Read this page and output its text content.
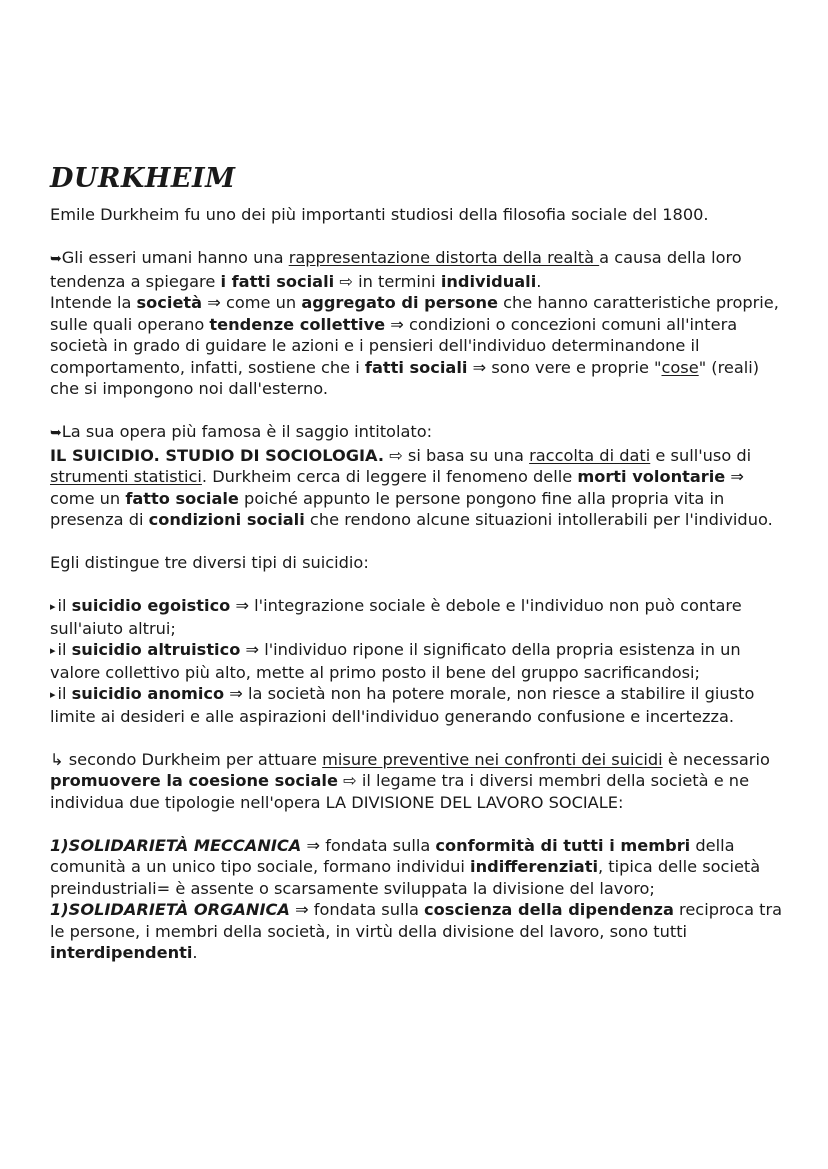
DURKHEIM

Emile Durkheim fu uno dei più importanti studiosi della filosofia sociale del 1800.

➥Gli esseri umani hanno una rappresentazione distorta della realtà a causa della loro tendenza a spiegare i fatti sociali ⇨ in termini individuali.
Intende la società ⇒ come un aggregato di persone che hanno caratteristiche proprie, sulle quali operano tendenze collettive ⇒ condizioni o concezioni comuni all'intera società in grado di guidare le azioni e i pensieri dell'individuo determinandone il comportamento, infatti, sostiene che i fatti sociali ⇒ sono vere e proprie "cose" (reali) che si impongono noi dall'esterno.

➥La sua opera più famosa è il saggio intitolato:
IL SUICIDIO. STUDIO DI SOCIOLOGIA. ⇨ si basa su una raccolta di dati e sull'uso di strumenti statistici. Durkheim cerca di leggere il fenomeno delle morti volontarie ⇒ come un fatto sociale poiché appunto le persone pongono fine alla propria vita in presenza di condizioni sociali che rendono alcune situazioni intollerabili per l'individuo.

Egli distingue tre diversi tipi di suicidio:

▸ il suicidio egoistico ⇒ l'integrazione sociale è debole e l'individuo non può contare sull'aiuto altrui;
▸ il suicidio altruistico ⇒ l'individuo ripone il significato della propria esistenza in un valore collettivo più alto, mette al primo posto il bene del gruppo sacrificandosi;
▸ il suicidio anomico ⇒ la società non ha potere morale, non riesce a stabilire il giusto limite ai desideri e alle aspirazioni dell'individuo generando confusione e incertezza.

↳ secondo Durkheim per attuare misure preventive nei confronti dei suicidi è necessario promuovere la coesione sociale ⇨ il legame tra i diversi membri della società e ne individua due tipologie nell'opera LA DIVISIONE DEL LAVORO SOCIALE:

1)SOLIDARIETÀ MECCANICA ⇒ fondata sulla conformità di tutti i membri della comunità a un unico tipo sociale, formano individui indifferenziati, tipica delle società preindustriali= è assente o scarsamente sviluppata la divisione del lavoro;

1)SOLIDARIETÀ ORGANICA ⇒ fondata sulla coscienza della dipendenza reciproca tra le persone, i membri della società, in virtù della divisione del lavoro, sono tutti interdipendenti.
